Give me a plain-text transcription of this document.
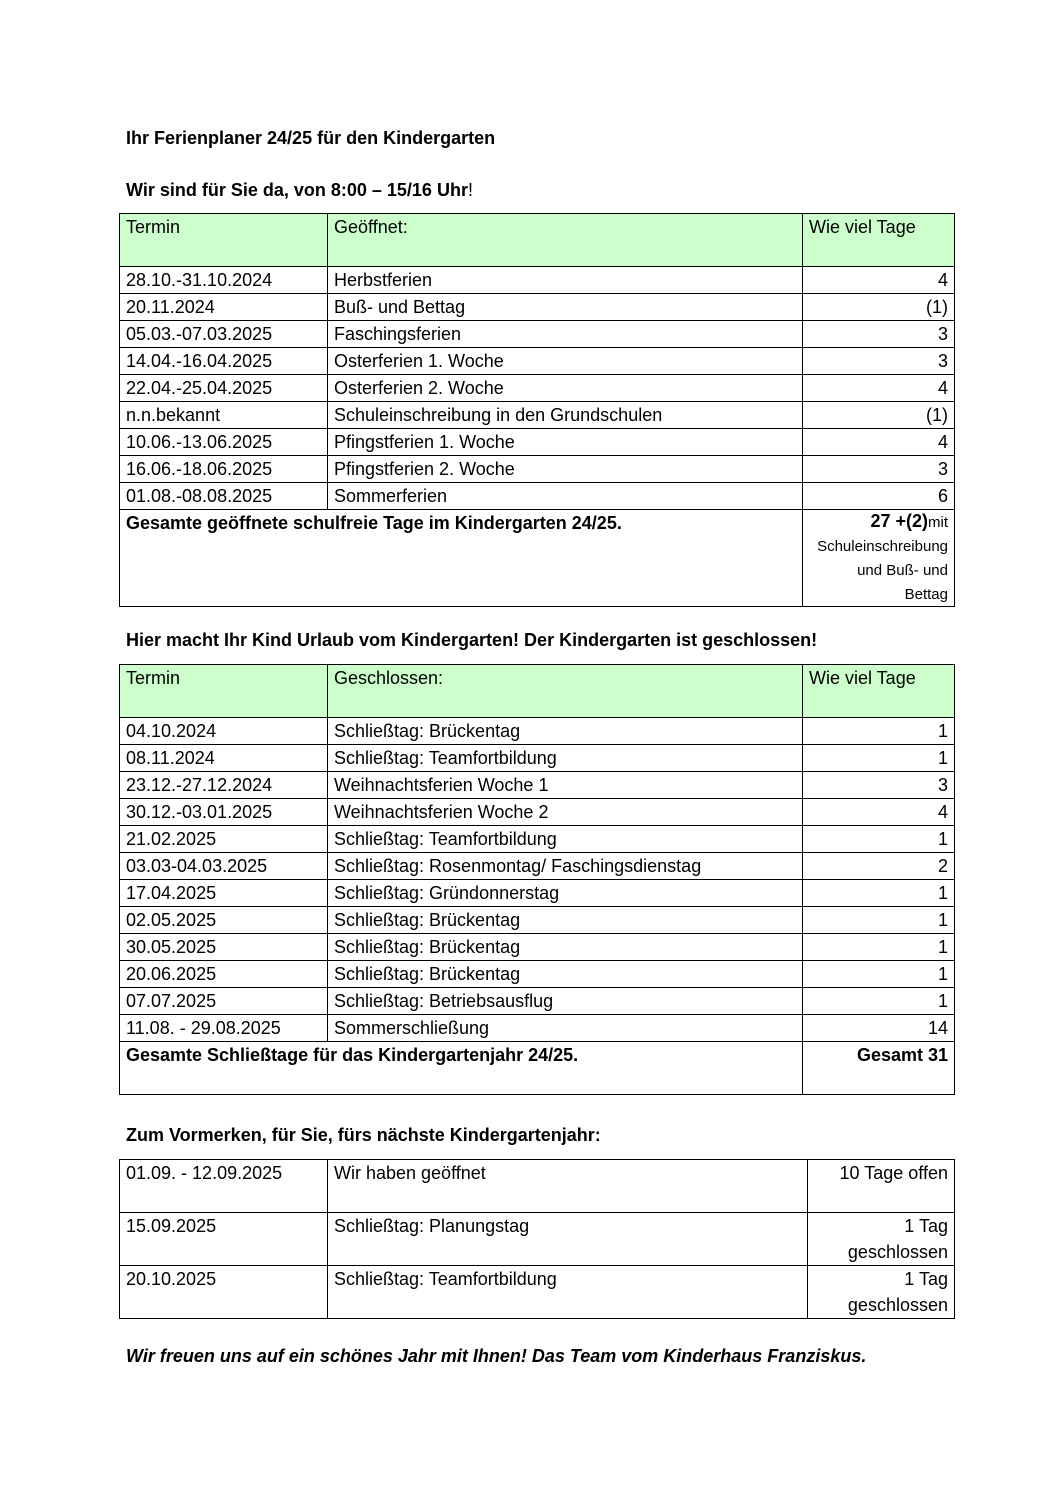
Ihr Ferienplaner 24/25 für den Kindergarten
Wir sind für Sie da, von 8:00 – 15/16 Uhr!
Termin	Geöffnet:	Wie viel Tage
28.10.-31.10.2024	Herbstferien	4
20.11.2024	Buß- und Bettag	(1)
05.03.-07.03.2025	Faschingsferien	3
14.04.-16.04.2025	Osterferien 1. Woche	3
22.04.-25.04.2025	Osterferien 2. Woche	4
n.n.bekannt	Schuleinschreibung in den Grundschulen	(1)
10.06.-13.06.2025	Pfingstferien 1. Woche	4
16.06.-18.06.2025	Pfingstferien 2. Woche	3
01.08.-08.08.2025	Sommerferien	6
Gesamte geöffnete schulfreie Tage im Kindergarten 24/25.		27 +(2)mit
Schuleinschreibung
und Buß- und
Bettag
Hier macht Ihr Kind Urlaub vom Kindergarten! Der Kindergarten ist geschlossen!
Termin	Geschlossen:	Wie viel Tage
04.10.2024	Schließtag: Brückentag	1
08.11.2024	Schließtag: Teamfortbildung	1
23.12.-27.12.2024	Weihnachtsferien Woche 1	3
30.12.-03.01.2025	Weihnachtsferien Woche 2	4
21.02.2025	Schließtag: Teamfortbildung	1
03.03-04.03.2025	Schließtag: Rosenmontag/ Faschingsdienstag	2
17.04.2025	Schließtag: Gründonnerstag	1
02.05.2025	Schließtag: Brückentag	1
30.05.2025	Schließtag: Brückentag	1
20.06.2025	Schließtag: Brückentag	1
07.07.2025	Schließtag: Betriebsausflug	1
11.08. - 29.08.2025	Sommerschließung	14
Gesamte Schließtage für das Kindergartenjahr 24/25.		Gesamt 31
Zum Vormerken, für Sie, fürs nächste Kindergartenjahr:
01.09. - 12.09.2025	Wir haben geöffnet	10 Tage offen

15.09.2025	Schließtag: Planungstag	1 Tag
geschlossen
20.10.2025	Schließtag: Teamfortbildung	1 Tag
geschlossen
Wir freuen uns auf ein schönes Jahr mit Ihnen! Das Team vom Kinderhaus Franziskus.
